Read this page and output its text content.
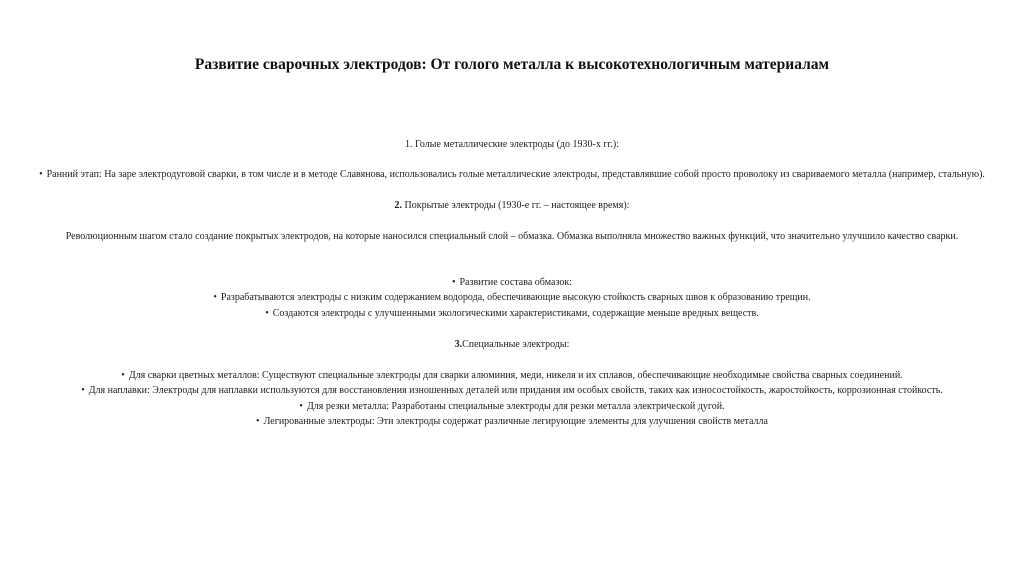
Развитие сварочных электродов: От голого металла к высокотехнологичным материалам
1. Голые металлические электроды (до 1930-х гг.):
• Ранний этап: На заре электродуговой сварки, в том числе и в методе Славянова, использовались голые металлические электроды, представлявшие собой просто проволоку из свариваемого металла (например, стальную).
2. Покрытые электроды (1930-е гг. – настоящее время):
Революционным шагом стало создание покрытых электродов, на которые наносился специальный слой – обмазка. Обмазка выполняла множество важных функций, что значительно улучшило качество сварки.
• Развитие состава обмазок:
• Разрабатываются электроды с низким содержанием водорода, обеспечивающие высокую стойкость сварных швов к образованию трещин.
• Создаются электроды с улучшенными экологическими характеристиками, содержащие меньше вредных веществ.
3.Специальные электроды:
• Для сварки цветных металлов: Существуют специальные электроды для сварки алюминия, меди, никеля и их сплавов, обеспечивающие необходимые свойства сварных соединений.
• Для наплавки: Электроды для наплавки используются для восстановления изношенных деталей или придания им особых свойств, таких как износостойкость, жаростойкость, коррозионная стойкость.
• Для резки металла: Разработаны специальные электроды для резки металла электрической дугой.
• Легированные электроды: Эти электроды содержат различные легирующие элементы для улучшения свойств металла
